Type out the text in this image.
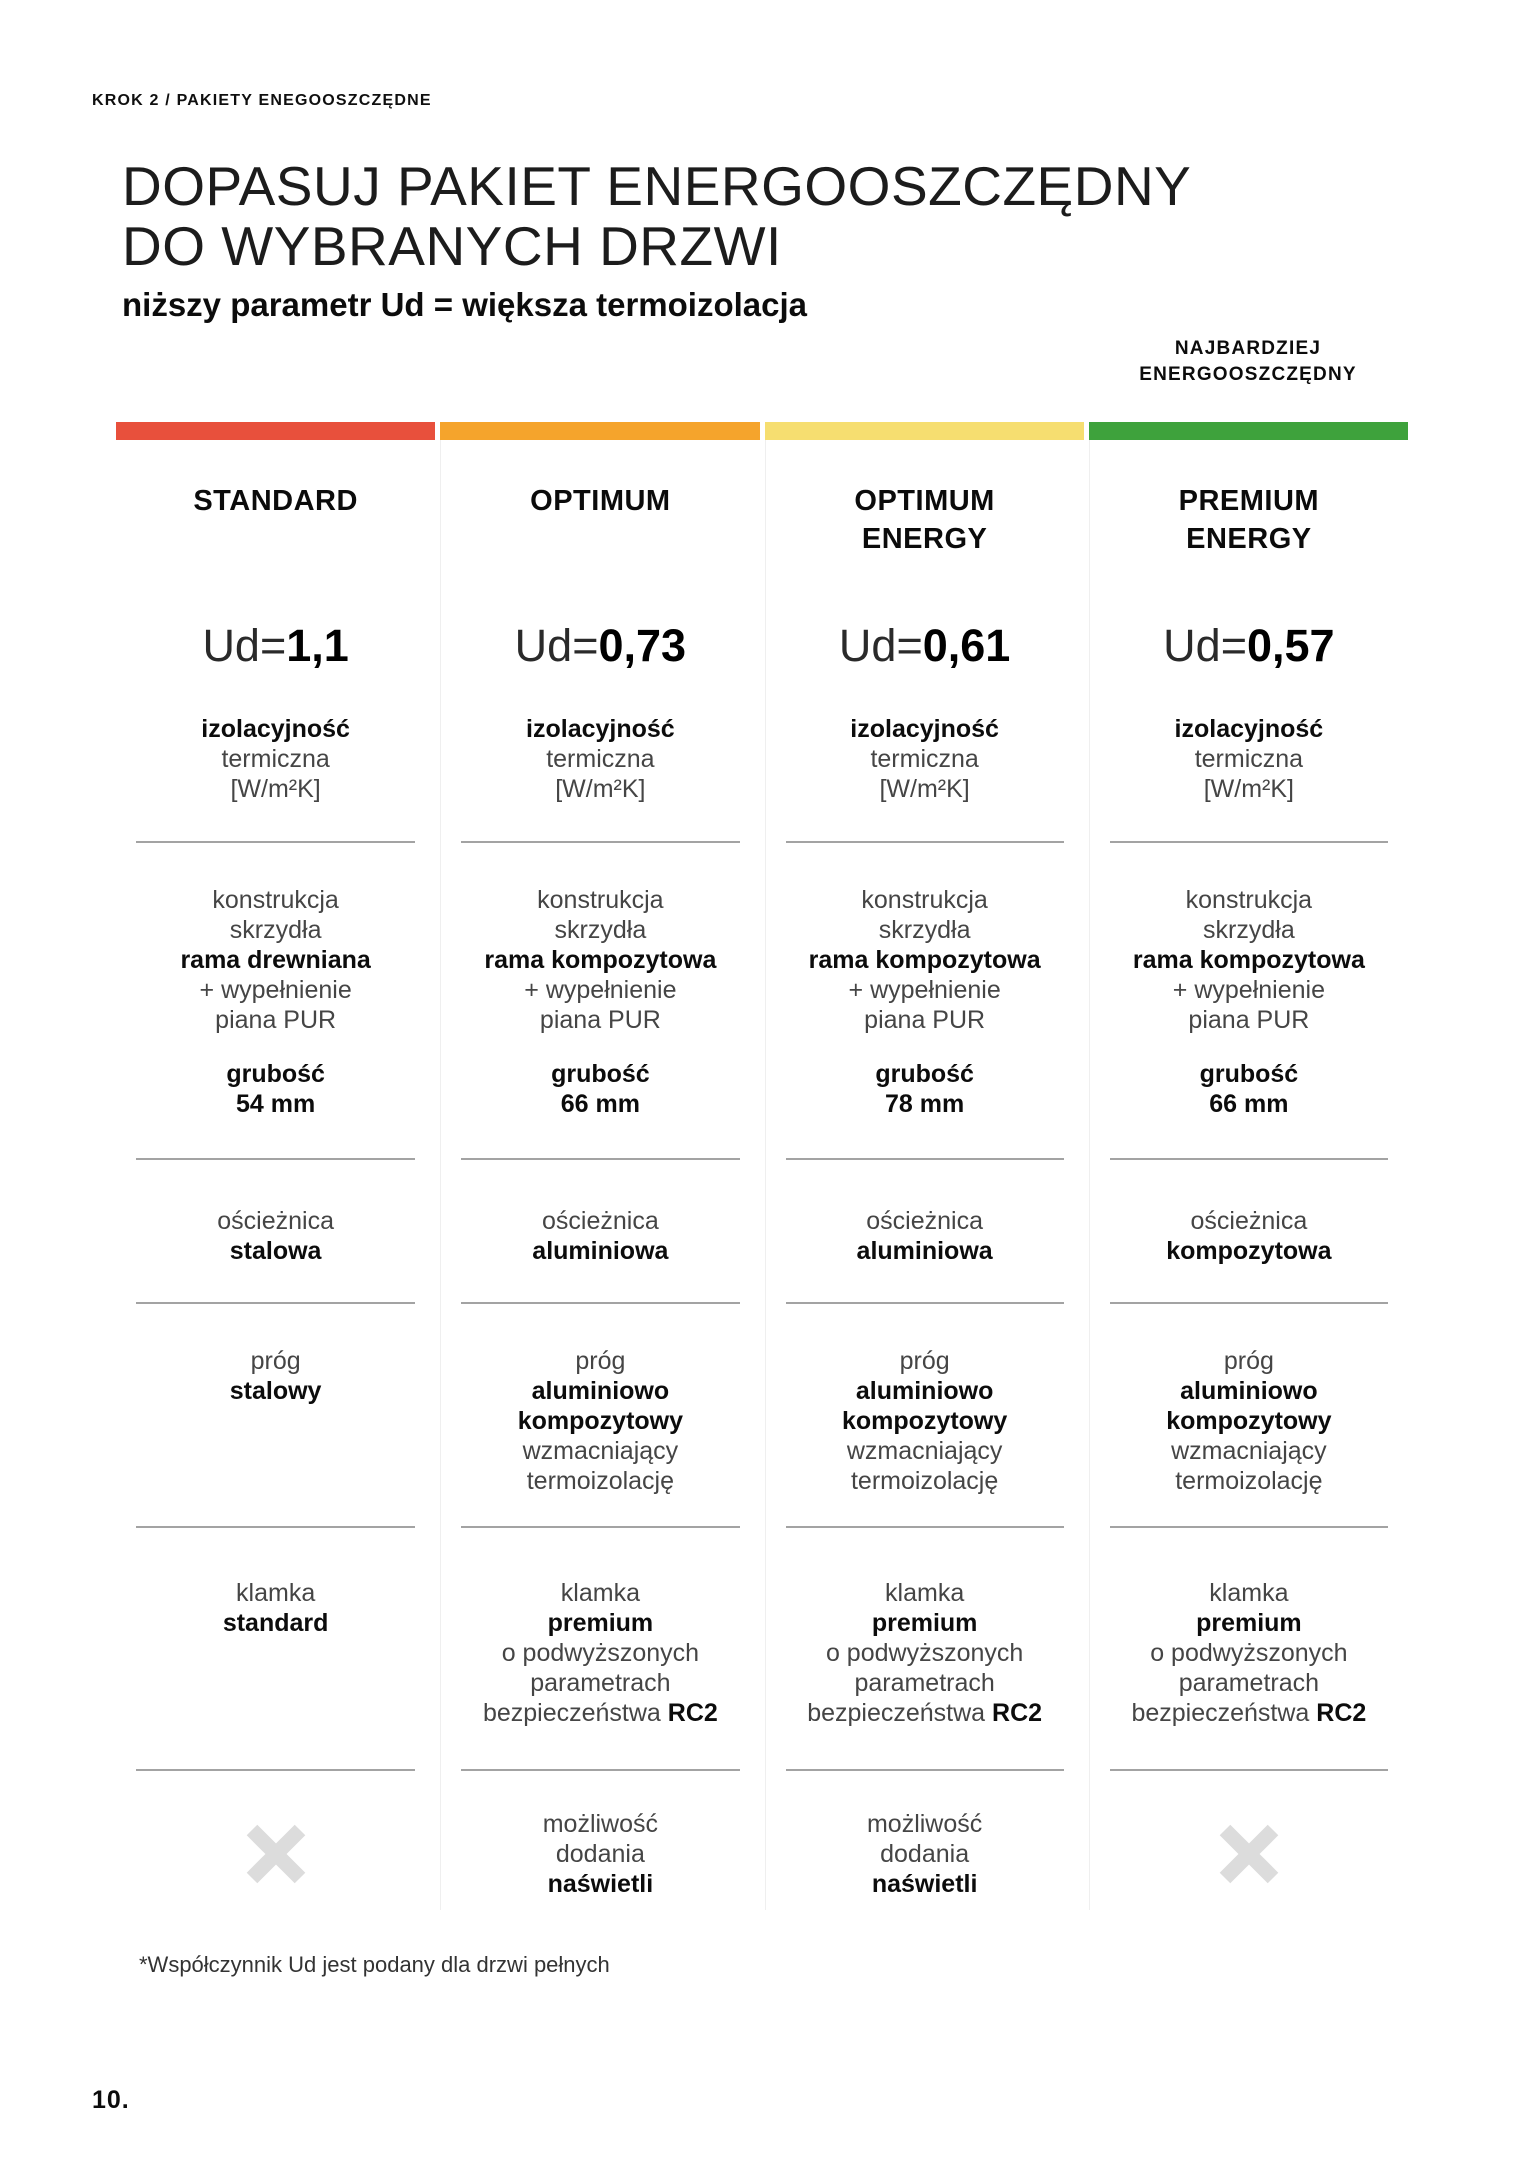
KROK 2 / PAKIETY ENEGOOSZCZĘDNE
DOPASUJ PAKIET ENERGOOSZCZĘDNY
DO WYBRANYCH DRZWI
niższy parametr Ud = większa termoizolacja
NAJBARDZIEJ
ENERGOOSZCZĘDNY
STANDARD
Ud=1,1
izolacyjność
termiczna
[W/m²K]
konstrukcja
skrzydła
rama drewniana
+ wypełnienie
piana PUR
grubość
54 mm
ościeżnica
stalowa
próg
stalowy
klamka
standard
OPTIMUM
Ud=0,73
izolacyjność
termiczna
[W/m²K]
konstrukcja
skrzydła
rama kompozytowa
+ wypełnienie
piana PUR
grubość
66 mm
ościeżnica
aluminiowa
próg
aluminiowo
kompozytowy
wzmacniający
termoizolację
klamka
premium
o podwyższonych
parametrach
bezpieczeństwa RC2
możliwość
dodania
naświetli
OPTIMUM
ENERGY
Ud=0,61
izolacyjność
termiczna
[W/m²K]
konstrukcja
skrzydła
rama kompozytowa
+ wypełnienie
piana PUR
grubość
78 mm
ościeżnica
aluminiowa
próg
aluminiowo
kompozytowy
wzmacniający
termoizolację
klamka
premium
o podwyższonych
parametrach
bezpieczeństwa RC2
możliwość
dodania
naświetli
PREMIUM
ENERGY
Ud=0,57
izolacyjność
termiczna
[W/m²K]
konstrukcja
skrzydła
rama kompozytowa
+ wypełnienie
piana PUR
grubość
66 mm
ościeżnica
kompozytowa
próg
aluminiowo
kompozytowy
wzmacniający
termoizolację
klamka
premium
o podwyższonych
parametrach
bezpieczeństwa RC2
*Współczynnik Ud jest podany dla drzwi pełnych
10.
